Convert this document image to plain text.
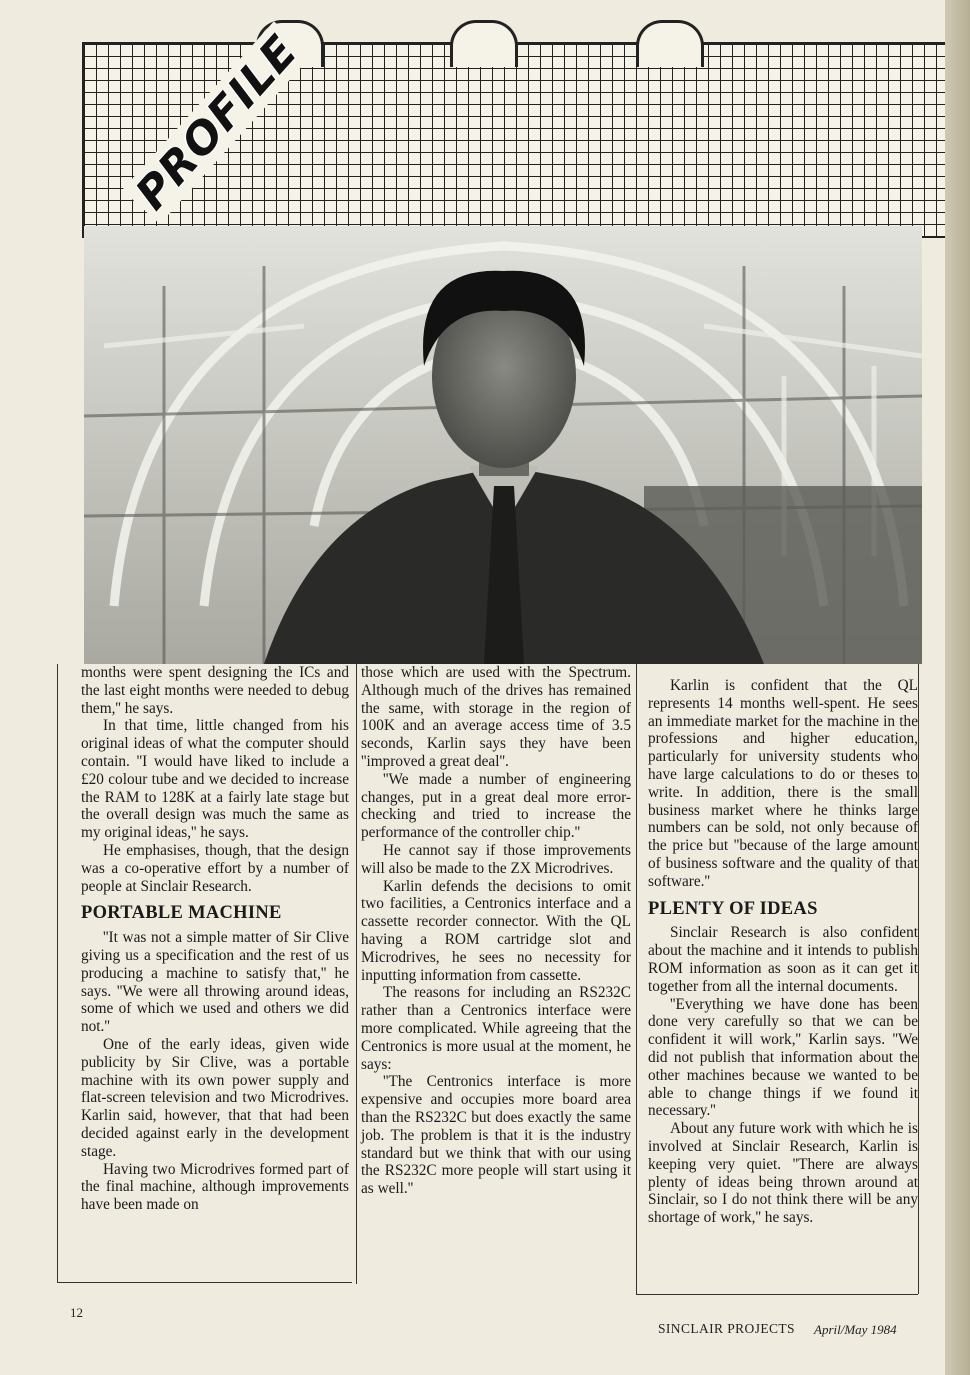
PROFILE

months were spent designing the ICs and the last eight months were needed to debug them,'' he says.

In that time, little changed from his original ideas of what the computer should contain. ''I would have liked to include a £20 colour tube and we decided to increase the RAM to 128K at a fairly late stage but the overall design was much the same as my original ideas,'' he says.

He emphasises, though, that the design was a co-operative effort by a number of people at Sinclair Research.

PORTABLE MACHINE

''It was not a simple matter of Sir Clive giving us a specification and the rest of us producing a machine to satisfy that,'' he says. ''We were all throwing around ideas, some of which we used and others we did not.''

One of the early ideas, given wide publicity by Sir Clive, was a portable machine with its own power supply and flat-screen television and two Microdrives. Karlin said, however, that that had been decided against early in the development stage.

Having two Microdrives formed part of the final machine, although improvements have been made on

those which are used with the Spectrum. Although much of the drives has remained the same, with storage in the region of 100K and an average access time of 3.5 seconds, Karlin says they have been ''improved a great deal''.

''We made a number of engineering changes, put in a great deal more error-checking and tried to increase the performance of the controller chip.''

He cannot say if those improvements will also be made to the ZX Microdrives.

Karlin defends the decisions to omit two facilities, a Centronics interface and a cassette recorder connector. With the QL having a ROM cartridge slot and Microdrives, he sees no necessity for inputting information from cassette.

The reasons for including an RS232C rather than a Centronics interface were more complicated. While agreeing that the Centronics is more usual at the moment, he says:

''The Centronics interface is more expensive and occupies more board area than the RS232C but does exactly the same job. The problem is that it is the industry standard but we think that with our using the RS232C more people will start using it as well.''

Karlin is confident that the QL represents 14 months well-spent. He sees an immediate market for the machine in the professions and higher education, particularly for university students who have large calculations to do or theses to write. In addition, there is the small business market where he thinks large numbers can be sold, not only because of the price but ''because of the large amount of business software and the quality of that software.''

PLENTY OF IDEAS

Sinclair Research is also confident about the machine and it intends to publish ROM information as soon as it can get it together from all the internal documents.

''Everything we have done has been done very carefully so that we can be confident it will work,'' Karlin says. ''We did not publish that information about the other machines because we wanted to be able to change things if we found it necessary.''

About any future work with which he is involved at Sinclair Research, Karlin is keeping very quiet. ''There are always plenty of ideas being thrown around at Sinclair, so I do not think there will be any shortage of work,'' he says.

12
SINCLAIR PROJECTS April/May 1984
